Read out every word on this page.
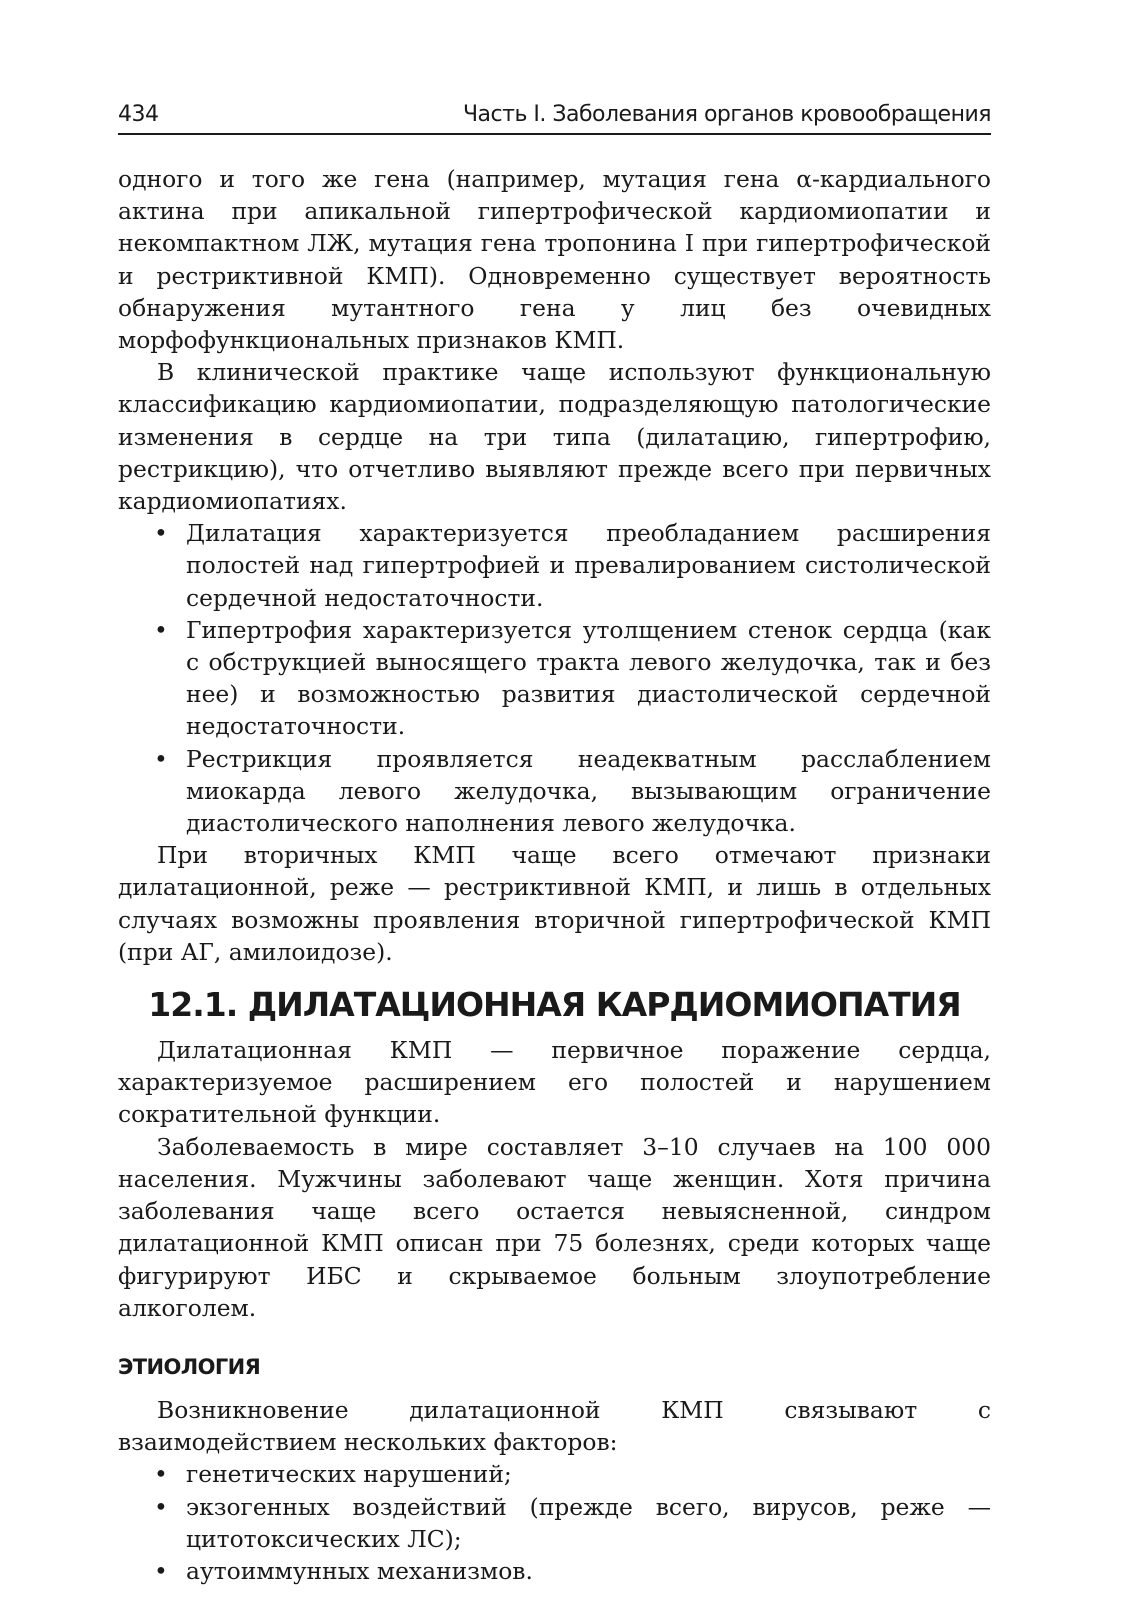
434	Часть I. Заболевания органов кровообращения

одного и того же гена (например, мутация гена α-кардиального актина при апикальной гипертрофической кардиомиопатии и некомпактном ЛЖ, мутация гена тропонина I при гипертрофической и рестриктивной КМП). Одновременно существует вероятность обнаружения мутантного гена у лиц без очевидных морфофункциональных признаков КМП.

В клинической практике чаще используют функциональную классификацию кардиомиопатии, подразделяющую патологические изменения в сердце на три типа (дилатацию, гипертрофию, рестрикцию), что отчетливо выявляют прежде всего при первичных кардиомиопатиях.

• Дилатация характеризуется преобладанием расширения полостей над гипертрофией и превалированием систолической сердечной недостаточности.
• Гипертрофия характеризуется утолщением стенок сердца (как с обструкцией выносящего тракта левого желудочка, так и без нее) и возможностью развития диастолической сердечной недостаточности.
• Рестрикция проявляется неадекватным расслаблением миокарда левого желудочка, вызывающим ограничение диастолического наполнения левого желудочка.

При вторичных КМП чаще всего отмечают признаки дилатационной, реже — рестриктивной КМП, и лишь в отдельных случаях возможны проявления вторичной гипертрофической КМП (при АГ, амилоидозе).

12.1. ДИЛАТАЦИОННАЯ КАРДИОМИОПАТИЯ

Дилатационная КМП — первичное поражение сердца, характеризуемое расширением его полостей и нарушением сократительной функции.

Заболеваемость в мире составляет 3–10 случаев на 100 000 населения. Мужчины заболевают чаще женщин. Хотя причина заболевания чаще всего остается невыясненной, синдром дилатационной КМП описан при 75 болезнях, среди которых чаще фигурируют ИБС и скрываемое больным злоупотребление алкоголем.

ЭТИОЛОГИЯ

Возникновение дилатационной КМП связывают с взаимодействием нескольких факторов:

• генетических нарушений;
• экзогенных воздействий (прежде всего, вирусов, реже — цитотоксических ЛС);
• аутоиммунных механизмов.
